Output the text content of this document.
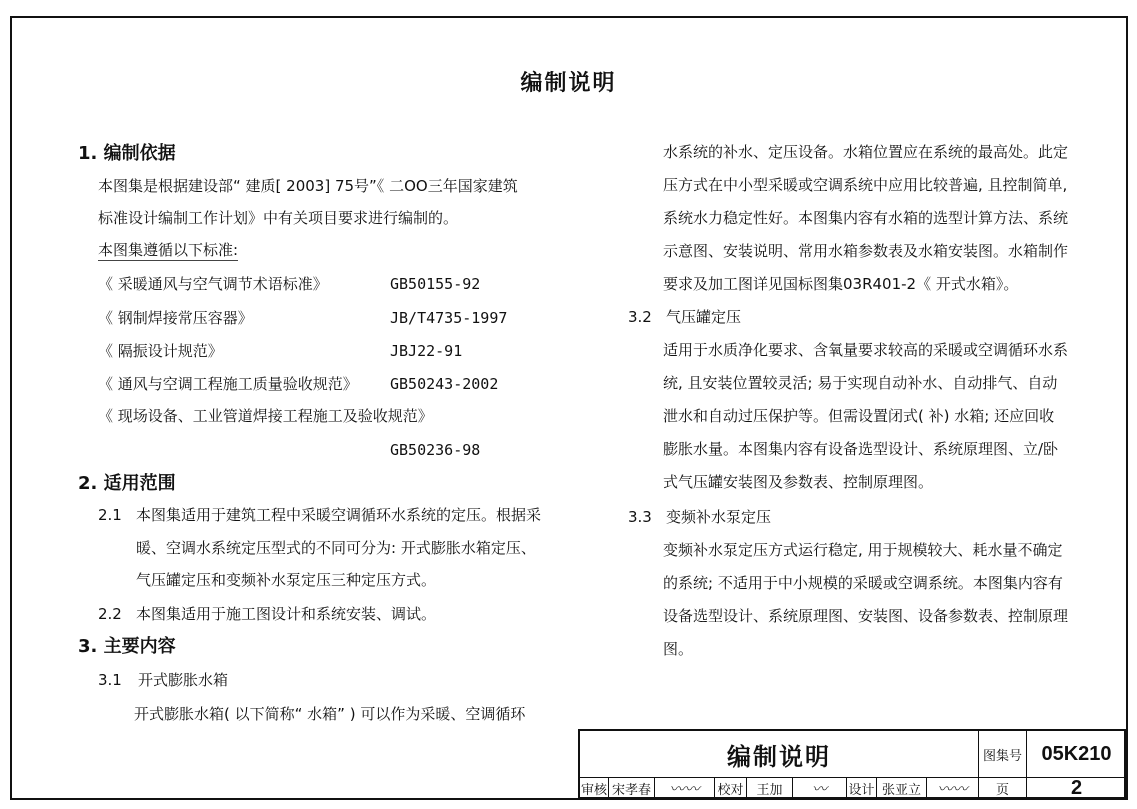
编制说明
1. 编制依据
本图集是根据建设部“ 建质[ 2003] 75号”《 二OO三年国家建筑
标准设计编制工作计划》中有关项目要求进行编制的。
本图集遵循以下标准:
《 采暖通风与空气调节术语标准》	GB50155-92
《 钢制焊接常压容器》	JB/T4735-1997
《 隔振设计规范》	JBJ22-91
《 通风与空调工程施工质量验收规范》 GB50243-2002
《 现场设备、工业管道焊接工程施工及验收规范》
GB50236-98
2. 适用范围
2.1 本图集适用于建筑工程中采暖空调循环水系统的定压。根据采
暖、空调水系统定压型式的不同可分为: 开式膨胀水箱定压、
气压罐定压和变频补水泵定压三种定压方式。
2.2 本图集适用于施工图设计和系统安装、调试。
3. 主要内容
3.1 开式膨胀水箱
开式膨胀水箱( 以下简称“ 水箱” ) 可以作为采暖、空调循环
水系统的补水、定压设备。水箱位置应在系统的最高处。此定
压方式在中小型采暖或空调系统中应用比较普遍, 且控制简单,
系统水力稳定性好。本图集内容有水箱的选型计算方法、系统
示意图、安装说明、常用水箱参数表及水箱安装图。水箱制作
要求及加工图详见国标图集03R401-2《 开式水箱》。
3.2 气压罐定压
适用于水质净化要求、含氧量要求较高的采暖或空调循环水系
统, 且安装位置较灵活; 易于实现自动补水、自动排气、自动
泄水和自动过压保护等。但需设置闭式( 补) 水箱; 还应回收
膨胀水量。本图集内容有设备选型设计、系统原理图、立/卧
式气压罐安装图及参数表、控制原理图。
3.3 变频补水泵定压
变频补水泵定压方式运行稳定, 用于规模较大、耗水量不确定
的系统; 不适用于中小规模的采暖或空调系统。本图集内容有
设备选型设计、系统原理图、安装图、设备参数表、控制原理
图。
编制说明	图集号 05K210
审核 宋孝春 〰〰 校对 王加	〰 设计 张亚立	〰〰	页	2
